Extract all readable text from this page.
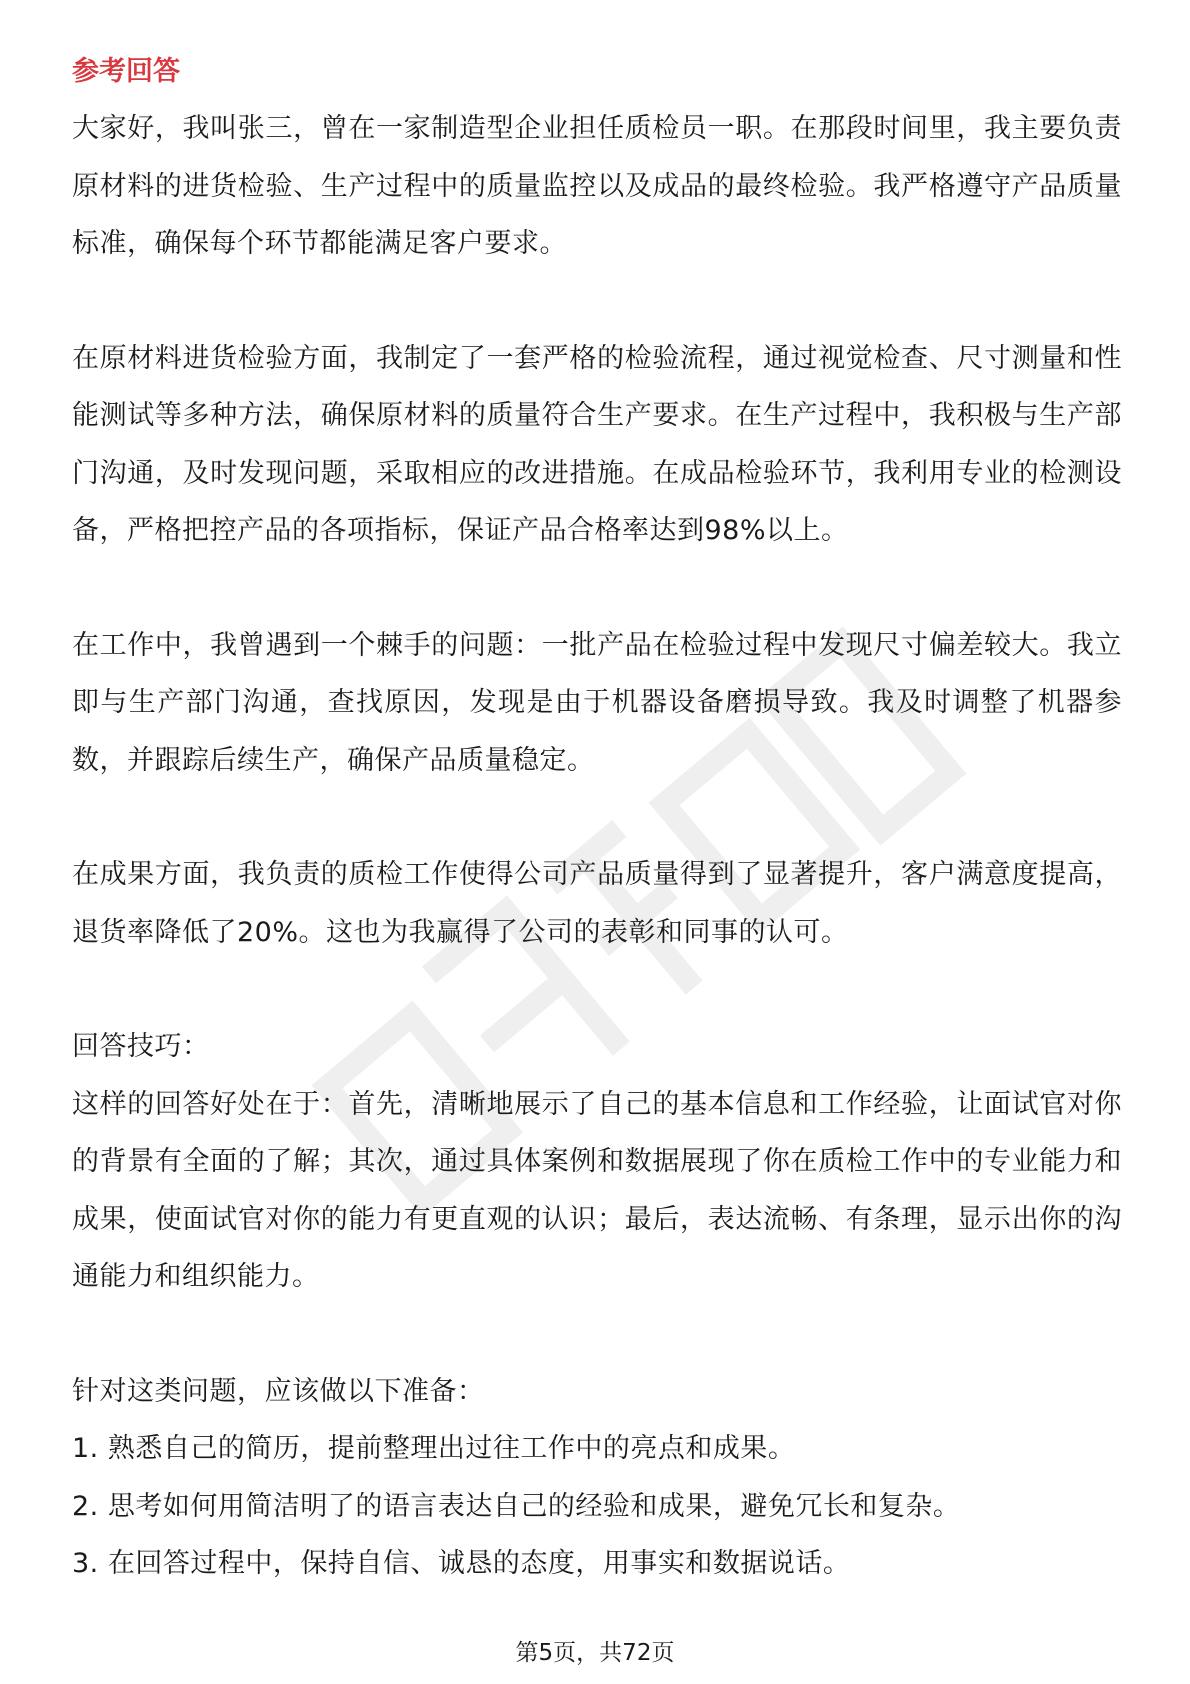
参考回答

大家好，我叫张三，曾在一家制造型企业担任质检员一职。在那段时间里，我主要负责原材料的进货检验、生产过程中的质量监控以及成品的最终检验。我严格遵守产品质量标准，确保每个环节都能满足客户要求。

在原材料进货检验方面，我制定了一套严格的检验流程，通过视觉检查、尺寸测量和性能测试等多种方法，确保原材料的质量符合生产要求。在生产过程中，我积极与生产部门沟通，及时发现问题，采取相应的改进措施。在成品检验环节，我利用专业的检测设备，严格把控产品的各项指标，保证产品合格率达到98%以上。

在工作中，我曾遇到一个棘手的问题：一批产品在检验过程中发现尺寸偏差较大。我立即与生产部门沟通，查找原因，发现是由于机器设备磨损导致。我及时调整了机器参数，并跟踪后续生产，确保产品质量稳定。

在成果方面，我负责的质检工作使得公司产品质量得到了显著提升，客户满意度提高，退货率降低了20%。这也为我赢得了公司的表彰和同事的认可。

回答技巧：

这样的回答好处在于：首先，清晰地展示了自己的基本信息和工作经验，让面试官对你的背景有全面的了解；其次，通过具体案例和数据展现了你在质检工作中的专业能力和成果，使面试官对你的能力有更直观的认识；最后，表达流畅、有条理，显示出你的沟通能力和组织能力。

针对这类问题，应该做以下准备：

1. 熟悉自己的简历，提前整理出过往工作中的亮点和成果。

2. 思考如何用简洁明了的语言表达自己的经验和成果，避免冗长和复杂。

3. 在回答过程中，保持自信、诚恳的态度，用事实和数据说话。

第5页，共72页
